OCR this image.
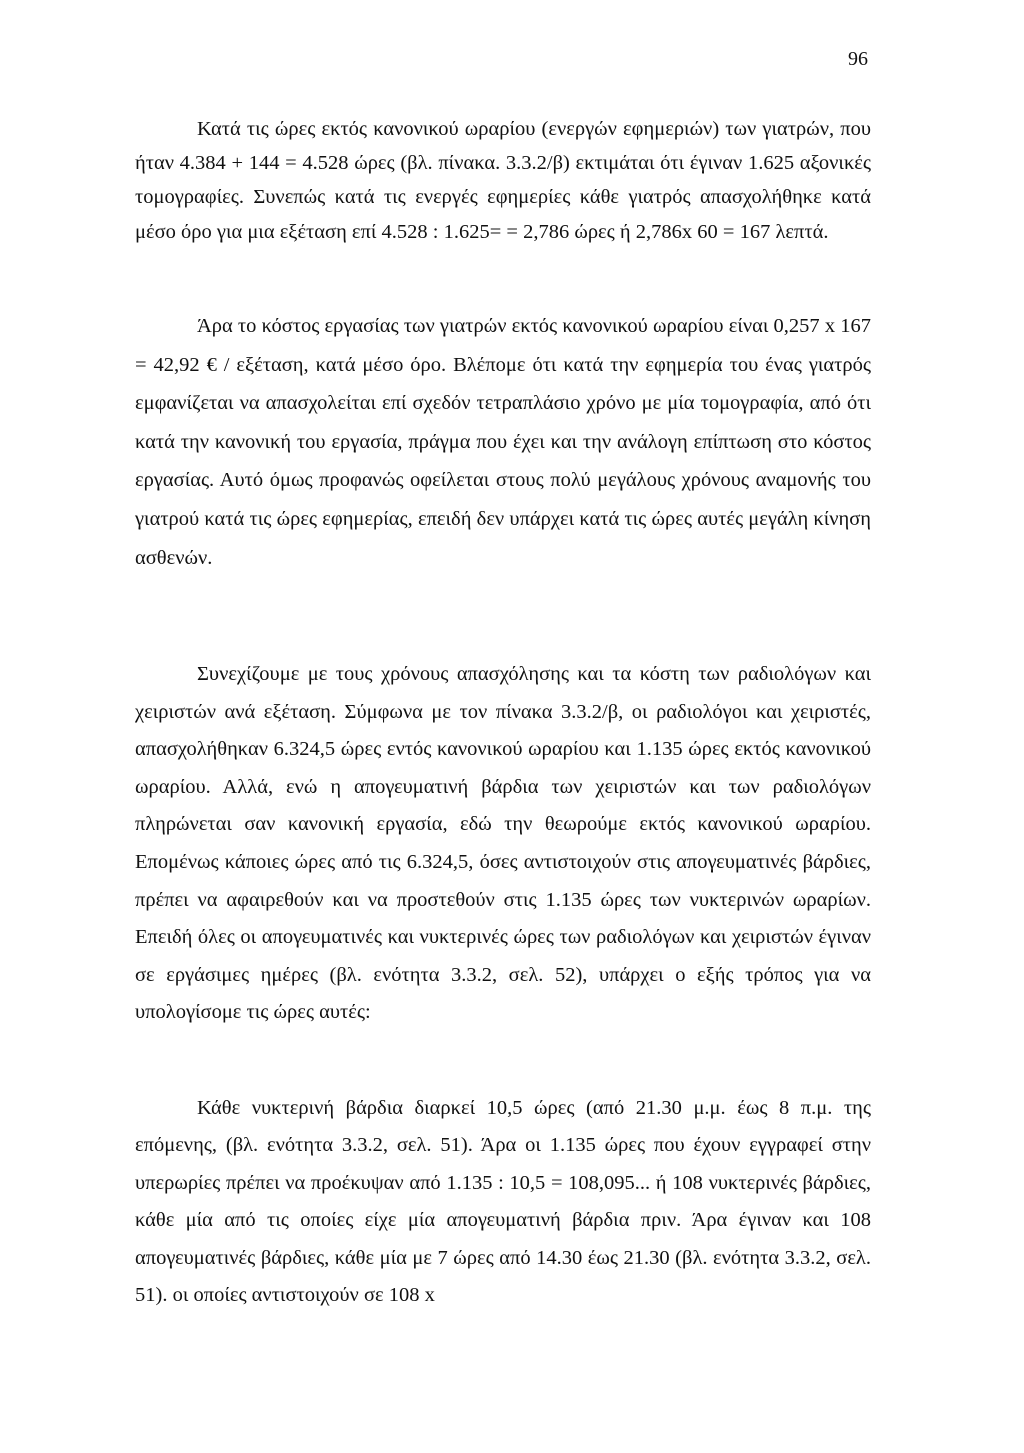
96

Κατά τις ώρες εκτός κανονικού ωραρίου (ενεργών εφημεριών) των γιατρών, που ήταν 4.384 + 144 = 4.528 ώρες (βλ. πίνακα. 3.3.2/β) εκτιμάται ότι έγιναν 1.625 αξονικές τομογραφίες. Συνεπώς κατά τις ενεργές εφημερίες κάθε γιατρός απασχολήθηκε κατά μέσο όρο για μια εξέταση επί 4.528 : 1.625= = 2,786 ώρες ή 2,786x 60 = 167 λεπτά.

Άρα το κόστος εργασίας των γιατρών εκτός κανονικού ωραρίου είναι 0,257 x 167 = 42,92 € / εξέταση, κατά μέσο όρο. Βλέπομε ότι κατά την εφημερία του ένας γιατρός εμφανίζεται να απασχολείται επί σχεδόν τετραπλάσιο χρόνο με μία τομογραφία, από ότι κατά την κανονική του εργασία, πράγμα που έχει και την ανάλογη επίπτωση στο κόστος εργασίας. Αυτό όμως προφανώς οφείλεται στους πολύ μεγάλους χρόνους αναμονής του γιατρού κατά τις ώρες εφημερίας, επειδή δεν υπάρχει κατά τις ώρες αυτές μεγάλη κίνηση ασθενών.

Συνεχίζουμε με τους χρόνους απασχόλησης και τα κόστη των ραδιολόγων και χειριστών ανά εξέταση. Σύμφωνα με τον πίνακα 3.3.2/β, οι ραδιολόγοι και χειριστές, απασχολήθηκαν 6.324,5 ώρες εντός κανονικού ωραρίου και 1.135 ώρες εκτός κανονικού ωραρίου. Αλλά, ενώ η απογευματινή βάρδια των χειριστών και των ραδιολόγων πληρώνεται σαν κανονική εργασία, εδώ την θεωρούμε εκτός κανονικού ωραρίου. Επομένως κάποιες ώρες από τις 6.324,5, όσες αντιστοιχούν στις απογευματινές βάρδιες, πρέπει να αφαιρεθούν και να προστεθούν στις 1.135 ώρες των νυκτερινών ωραρίων. Επειδή όλες οι απογευματινές και νυκτερινές ώρες των ραδιολόγων και χειριστών έγιναν σε εργάσιμες ημέρες (βλ. ενότητα 3.3.2, σελ. 52), υπάρχει ο εξής τρόπος για να υπολογίσομε τις ώρες αυτές:

Κάθε νυκτερινή βάρδια διαρκεί 10,5 ώρες (από 21.30 μ.μ. έως 8 π.μ. της επόμενης, (βλ. ενότητα 3.3.2, σελ. 51). Άρα οι 1.135 ώρες που έχουν εγγραφεί στην υπερωρίες πρέπει να προέκυψαν από 1.135 : 10,5 = 108,095... ή 108 νυκτερινές βάρδιες, κάθε μία από τις οποίες είχε μία απογευματινή βάρδια πριν. Άρα έγιναν και 108 απογευματινές βάρδιες, κάθε μία με 7 ώρες από 14.30 έως 21.30 (βλ. ενότητα 3.3.2, σελ. 51). οι οποίες αντιστοιχούν σε 108 x
